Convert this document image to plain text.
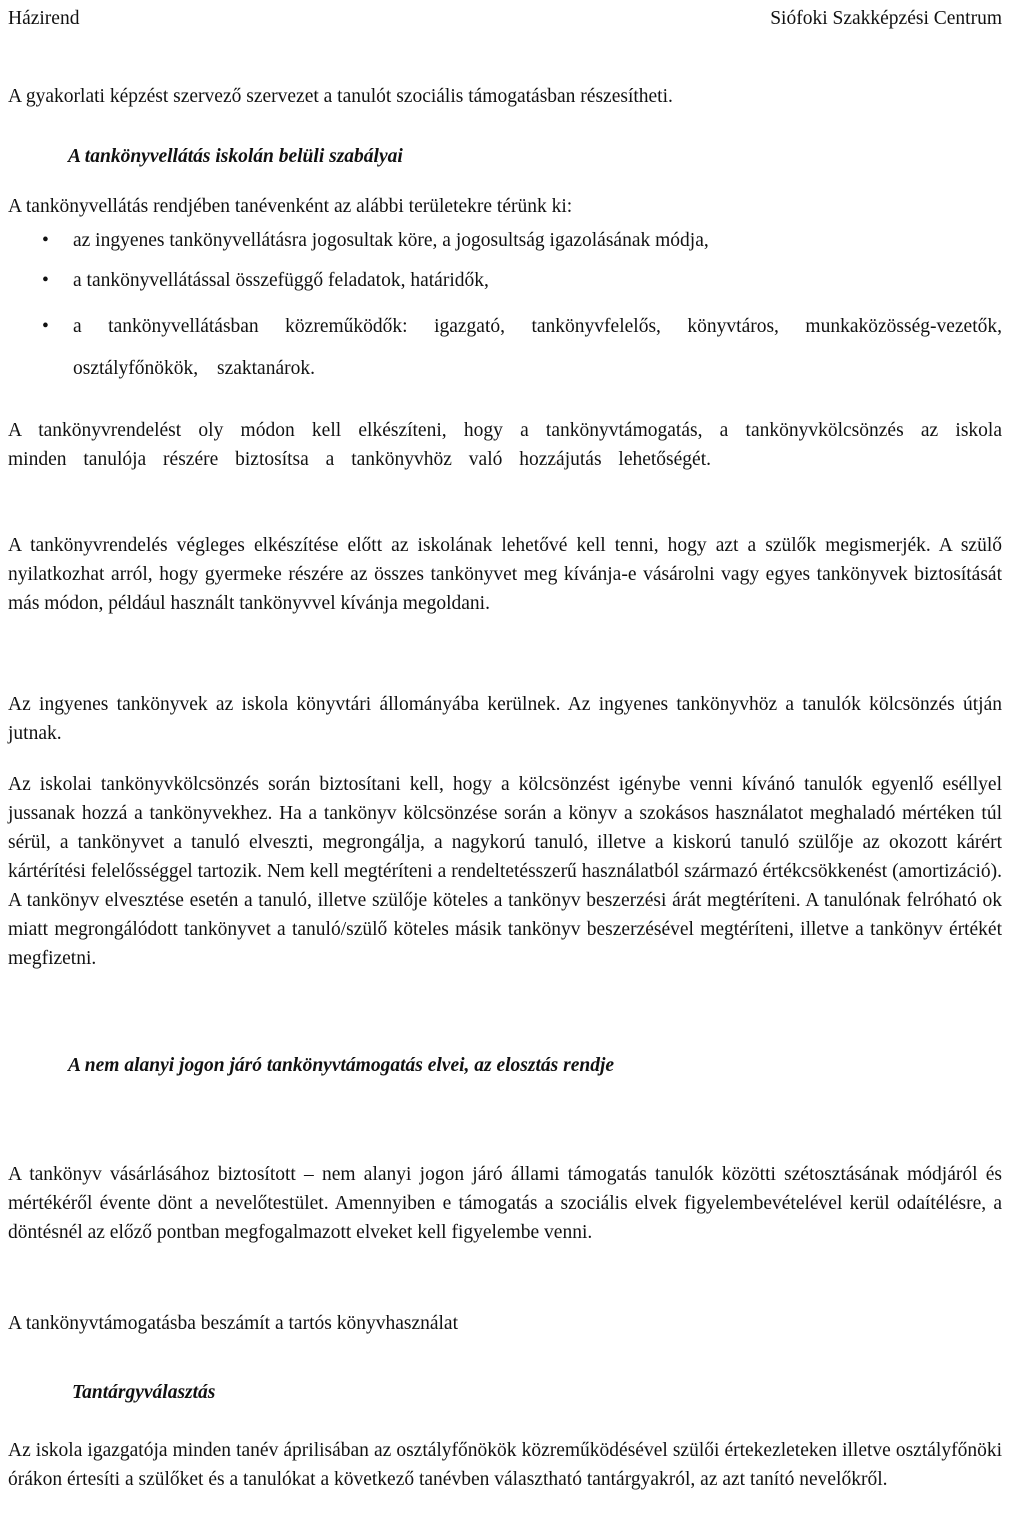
Házirend	Siófoki Szakképzési Centrum

A gyakorlati képzést szervező szervezet a tanulót szociális támogatásban részesítheti.

A tankönyvellátás iskolán belüli szabályai

A tankönyvellátás rendjében tanévenként az alábbi területekre térünk ki:

• az ingyenes tankönyvellátásra jogosultak köre, a jogosultság igazolásának módja,
• a tankönyvellátással összefüggő feladatok, határidők,
• a tankönyvellátásban közreműködők: igazgató, tankönyvfelelős, könyvtáros, munkaközösség-vezetők, osztályfőnökök, szaktanárok.

A tankönyvrendelést oly módon kell elkészíteni, hogy a tankönyvtámogatás, a tankönyvkölcsönzés az iskola minden tanulója részére biztosítsa a tankönyvhöz való hozzájutás lehetőségét.

A tankönyvrendelés végleges elkészítése előtt az iskolának lehetővé kell tenni, hogy azt a szülők megismerjék. A szülő nyilatkozhat arról, hogy gyermeke részére az összes tankönyvet meg kívánja-e vásárolni vagy egyes tankönyvek biztosítását más módon, például használt tankönyvvel kívánja megoldani.

Az ingyenes tankönyvek az iskola könyvtári állományába kerülnek. Az ingyenes tankönyvhöz a tanulók kölcsönzés útján jutnak.

Az iskolai tankönyvkölcsönzés során biztosítani kell, hogy a kölcsönzést igénybe venni kívánó tanulók egyenlő eséllyel jussanak hozzá a tankönyvekhez. Ha a tankönyv kölcsönzése során a könyv a szokásos használatot meghaladó mértéken túl sérül, a tankönyvet a tanuló elveszti, megrongálja, a nagykorú tanuló, illetve a kiskorú tanuló szülője az okozott kárért kártérítési felelősséggel tartozik. Nem kell megtéríteni a rendeltetésszerű használatból származó értékcsökkenést (amortizáció). A tankönyv elvesztése esetén a tanuló, illetve szülője köteles a tankönyv beszerzési árát megtéríteni. A tanulónak felróható ok miatt megrongálódott tankönyvet a tanuló/szülő köteles másik tankönyv beszerzésével megtéríteni, illetve a tankönyv értékét megfizetni.

A nem alanyi jogon járó tankönyvtámogatás elvei, az elosztás rendje

A tankönyv vásárlásához biztosított – nem alanyi jogon járó állami támogatás tanulók közötti szétosztásának módjáról és mértékéről évente dönt a nevelőtestület. Amennyiben e támogatás a szociális elvek figyelembevételével kerül odaítélésre, a döntésnél az előző pontban megfogalmazott elveket kell figyelembe venni.

A tankönyvtámogatásba beszámít a tartós könyvhasználat

Tantárgyválasztás

Az iskola igazgatója minden tanév áprilisában az osztályfőnökök közreműködésével szülői értekezleteken illetve osztályfőnöki órákon értesíti a szülőket és a tanulókat a következő tanévben választható tantárgyakról, az azt tanító nevelőkről.
